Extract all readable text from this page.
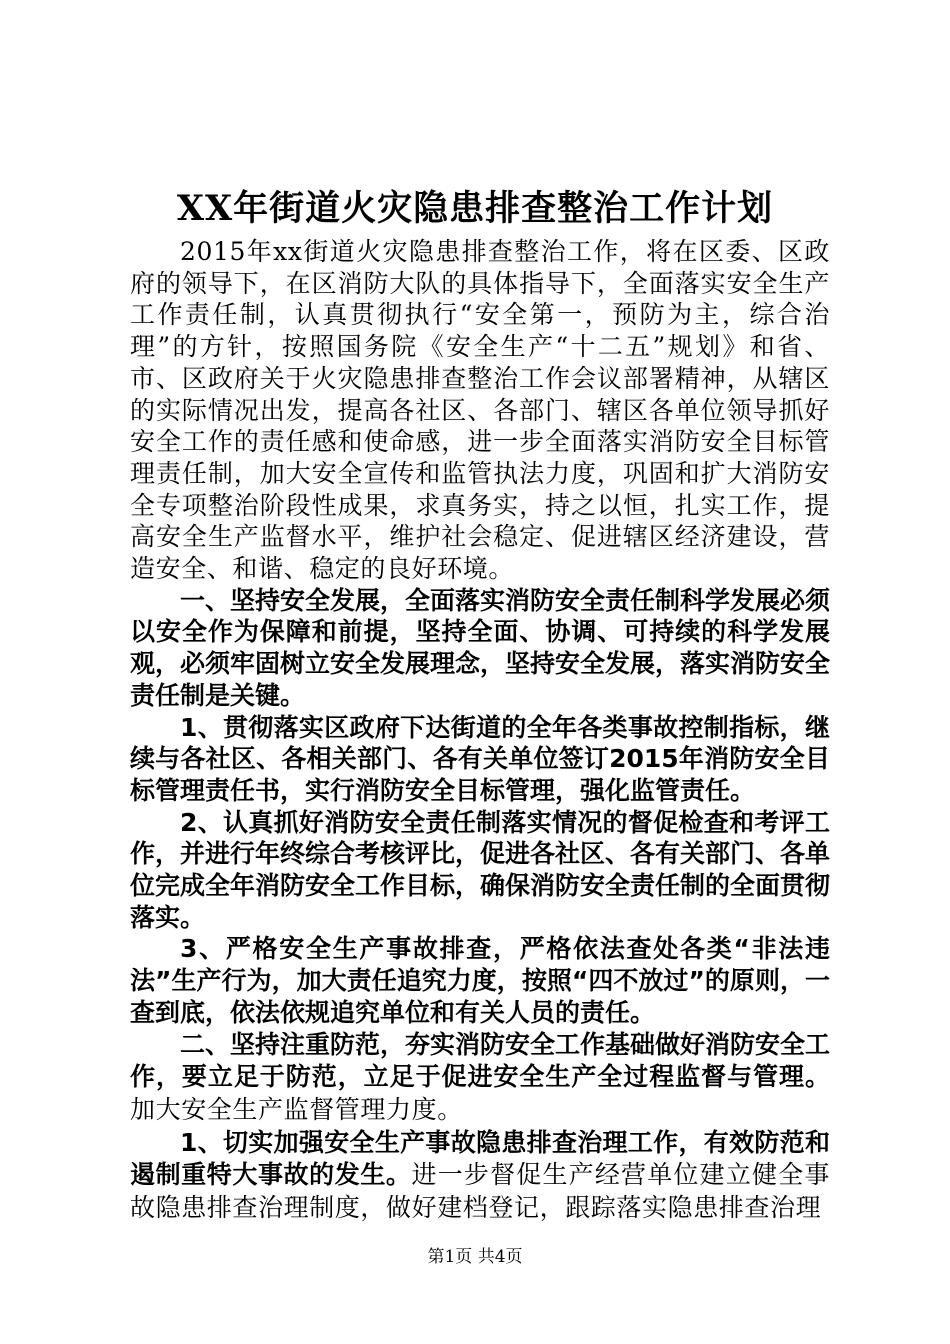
XX年街道火灾隐患排查整治工作计划

2015年xx街道火灾隐患排查整治工作，将在区委、区政府的领导下，在区消防大队的具体指导下，全面落实安全生产工作责任制，认真贯彻执行“安全第一，预防为主，综合治理”的方针，按照国务院《安全生产“十二五”规划》和省、市、区政府关于火灾隐患排查整治工作会议部署精神，从辖区的实际情况出发，提高各社区、各部门、辖区各单位领导抓好安全工作的责任感和使命感，进一步全面落实消防安全目标管理责任制，加大安全宣传和监管执法力度，巩固和扩大消防安全专项整治阶段性成果，求真务实，持之以恒，扎实工作，提高安全生产监督水平，维护社会稳定、促进辖区经济建设，营造安全、和谐、稳定的良好环境。

一、坚持安全发展，全面落实消防安全责任制科学发展必须以安全作为保障和前提，坚持全面、协调、可持续的科学发展观，必须牢固树立安全发展理念，坚持安全发展，落实消防安全责任制是关键。

1、贯彻落实区政府下达街道的全年各类事故控制指标，继续与各社区、各相关部门、各有关单位签订2015年消防安全目标管理责任书，实行消防安全目标管理，强化监管责任。

2、认真抓好消防安全责任制落实情况的督促检查和考评工作，并进行年终综合考核评比，促进各社区、各有关部门、各单位完成全年消防安全工作目标，确保消防安全责任制的全面贯彻落实。

3、严格安全生产事故排查，严格依法查处各类“非法违法”生产行为，加大责任追究力度，按照“四不放过”的原则，一查到底，依法依规追究单位和有关人员的责任。

二、坚持注重防范，夯实消防安全工作基础做好消防安全工作，要立足于防范，立足于促进安全生产全过程监督与管理。加大安全生产监督管理力度。

1、切实加强安全生产事故隐患排查治理工作，有效防范和遏制重特大事故的发生。进一步督促生产经营单位建立健全事故隐患排查治理制度，做好建档登记，跟踪落实隐患排查治理

第1页 共4页
